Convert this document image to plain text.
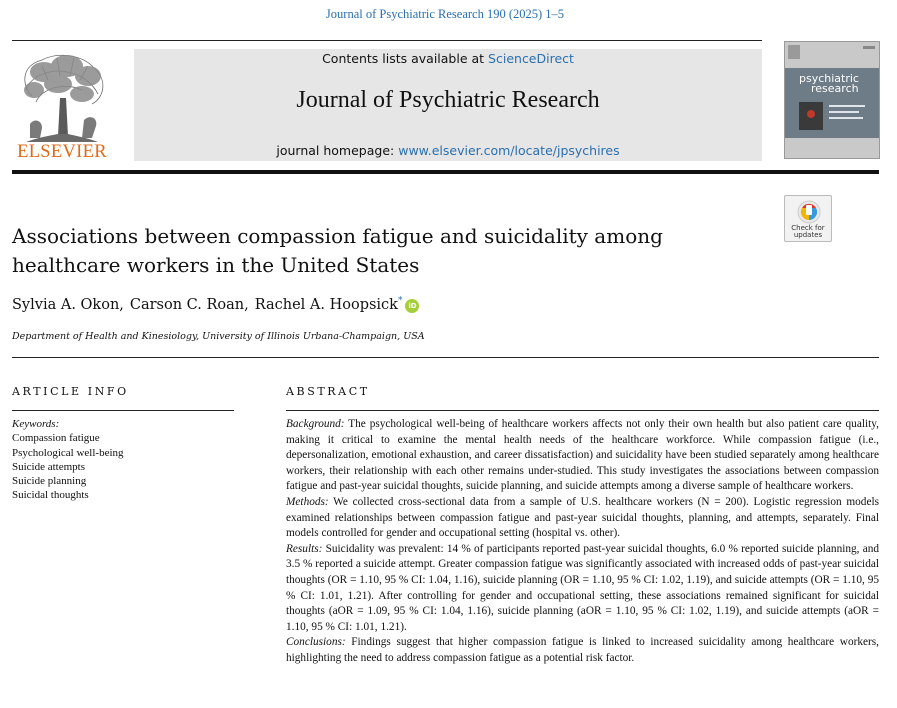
Journal of Psychiatric Research 190 (2025) 1–5
ELSEVIER
Contents lists available at ScienceDirect
Journal of Psychiatric Research
journal homepage: www.elsevier.com/locate/jpsychires
psychiatric
research
Check for
updates
Associations between compassion fatigue and suicidality among healthcare workers in the United States
Sylvia A. Okon, Carson C. Roan, Rachel A. Hoopsick* iD
Department of Health and Kinesiology, University of Illinois Urbana-Champaign, USA
ARTICLE INFO	ABSTRACT
Keywords:
Compassion fatigue
Psychological well-being
Suicide attempts
Suicide planning
Suicidal thoughts

Background: The psychological well-being of healthcare workers affects not only their own health but also patient care quality, making it critical to examine the mental health needs of the healthcare workforce. While compassion fatigue (i.e., depersonalization, emotional exhaustion, and career dissatisfaction) and suicidality have been studied separately among healthcare workers, their relationship with each other remains under-studied. This study investigates the associations between compassion fatigue and past-year suicidal thoughts, suicide planning, and suicide attempts among a diverse sample of healthcare workers.

Methods: We collected cross-sectional data from a sample of U.S. healthcare workers (N = 200). Logistic regression models examined relationships between compassion fatigue and past-year suicidal thoughts, planning, and attempts, separately. Final models controlled for gender and occupational setting (hospital vs. other).

Results: Suicidality was prevalent: 14 % of participants reported past-year suicidal thoughts, 6.0 % reported suicide planning, and 3.5 % reported a suicide attempt. Greater compassion fatigue was significantly associated with increased odds of past-year suicidal thoughts (OR = 1.10, 95 % CI: 1.04, 1.16), suicide planning (OR = 1.10, 95 % CI: 1.02, 1.19), and suicide attempts (OR = 1.10, 95 % CI: 1.01, 1.21). After controlling for gender and occupational setting, these associations remained significant for suicidal thoughts (aOR = 1.09, 95 % CI: 1.04, 1.16), suicide planning (aOR = 1.10, 95 % CI: 1.02, 1.19), and suicide attempts (aOR = 1.10, 95 % CI: 1.01, 1.21).

Conclusions: Findings suggest that higher compassion fatigue is linked to increased suicidality among healthcare workers, highlighting the need to address compassion fatigue as a potential risk factor.
